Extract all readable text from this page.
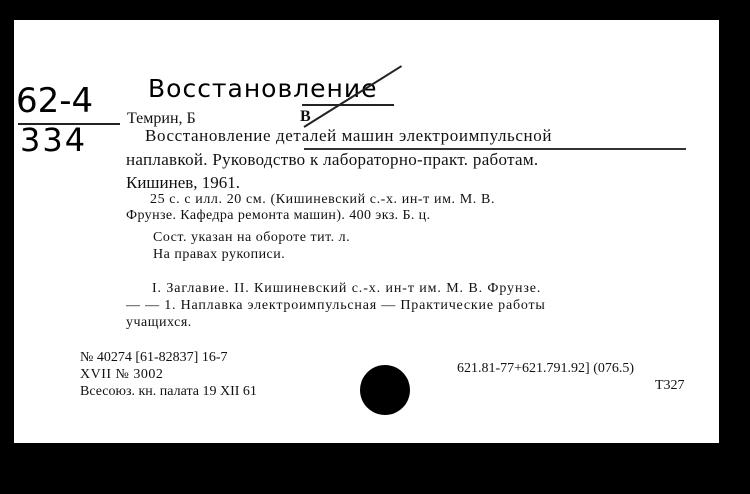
Восстановление
62-4
334
Темрин, Б	В
Восстановление деталей машин электроимпульсной
наплавкой. Руководство к лабораторно-практ. работам.
Кишинев, 1961.
25 с. с илл. 20 см. (Кишиневский с.-х. ин-т им. М. В.
Фрунзе. Кафедра ремонта машин). 400 экз. Б. ц.
Сост. указан на обороте тит. л.
На правах рукописи.
I. Заглавие. II. Кишиневский с.-х. ин-т им. М. В. Фрунзе.
— — 1. Наплавка электроимпульсная — Практические работы
учащихся.
№ 40274 [61-82837] 16-7
XVII № 3002
Всесоюз. кн. палата 19 XII 61
621.81-77+621.791.92] (076.5)
Т327
